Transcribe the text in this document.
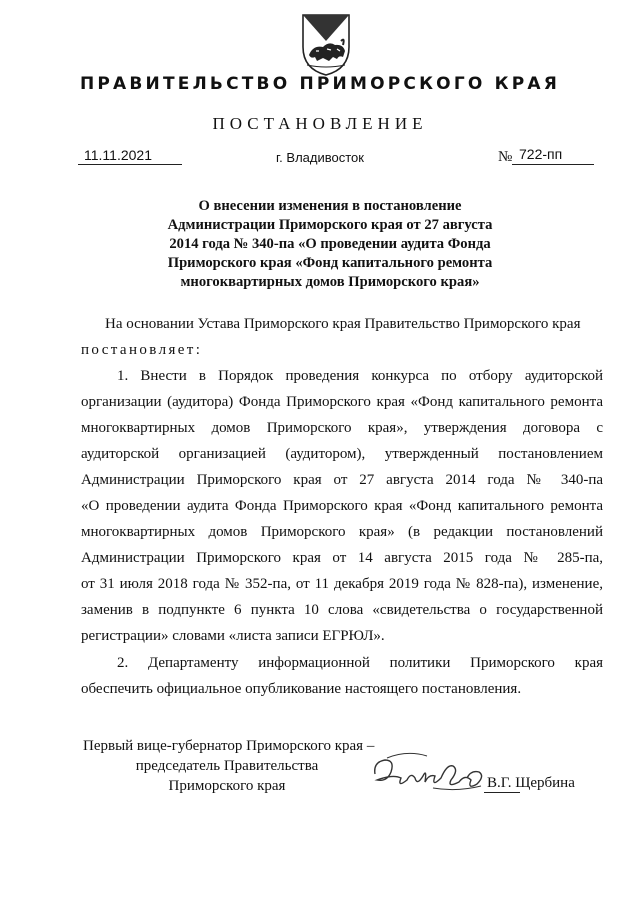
ПРАВИТЕЛЬСТВО ПРИМОРСКОГО КРАЯ
ПОСТАНОВЛЕНИЕ
11.11.2021	г. Владивосток	№ 722-пп
О внесении изменения в постановление
Администрации Приморского края от 27 августа
2014 года № 340-па «О проведении аудита Фонда
Приморского края «Фонд капитального ремонта
многоквартирных домов Приморского края»

На основании Устава Приморского края Правительство Приморского края
постановляет:

1. Внести в Порядок проведения конкурса по отбору аудиторской
организации (аудитора) Фонда Приморского края «Фонд капитального ремонта
многоквартирных домов Приморского края», утверждения договора с
аудиторской организацией (аудитором), утвержденный постановлением
Администрации Приморского края от 27 августа 2014 года № 340-па
«О проведении аудита Фонда Приморского края «Фонд капитального ремонта
многоквартирных домов Приморского края» (в редакции постановлений
Администрации Приморского края от 14 августа 2015 года № 285-па,
от 31 июля 2018 года № 352-па, от 11 декабря 2019 года № 828-па), изменение,
заменив в подпункте 6 пункта 10 слова «свидетельства о государственной
регистрации» словами «листа записи ЕГРЮЛ».

2. Департаменту информационной политики Приморского края
обеспечить официальное опубликование настоящего постановления.

Первый вице-губернатор Приморского края –
председатель Правительства
Приморского края	В.Г. Щербина
